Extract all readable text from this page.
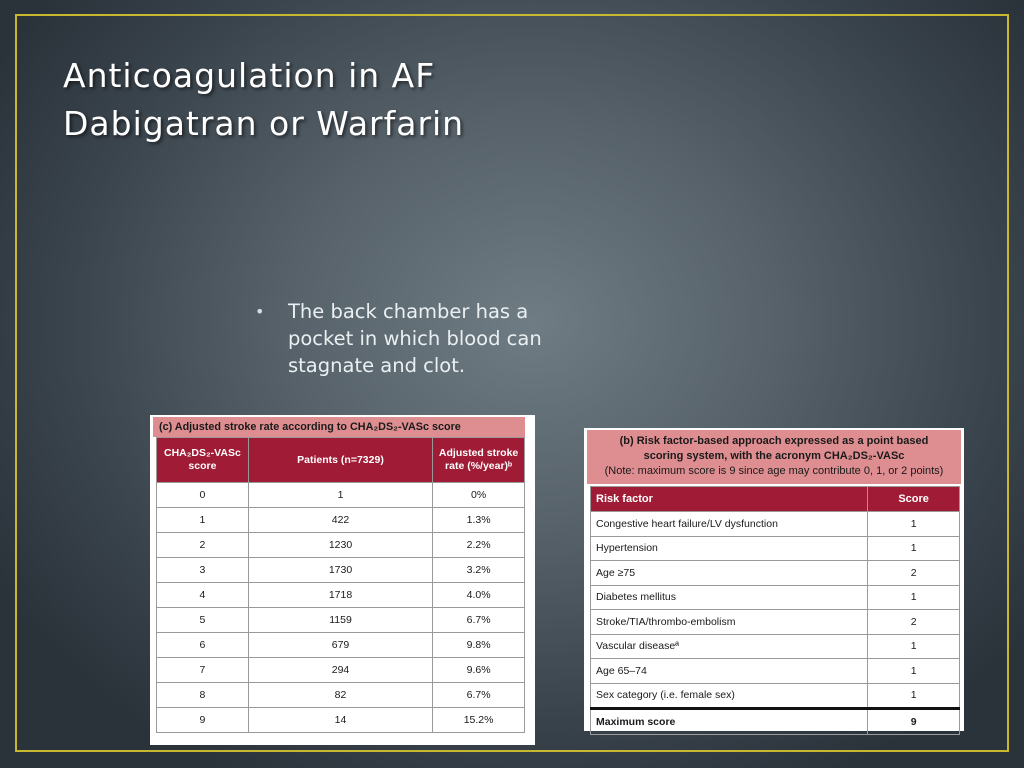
Anticoagulation in AF
Dabigatran or Warfarin
• The back chamber has a pocket in which blood can stagnate and clot.
(c) Adjusted stroke rate according to CHA₂DS₂-VASc score
CHA₂DS₂-VASc score	Patients (n=7329)	Adjusted stroke rate (%/year)ᵇ
0	1	0%
1	422	1.3%
2	1230	2.2%
3	1730	3.2%
4	1718	4.0%
5	1159	6.7%
6	679	9.8%
7	294	9.6%
8	82	6.7%
9	14	15.2%
(b) Risk factor-based approach expressed as a point based
scoring system, with the acronym CHA₂DS₂-VASc
(Note: maximum score is 9 since age may contribute 0, 1, or 2 points)
Risk factor	Score
Congestive heart failure/LV dysfunction	1
Hypertension	1
Age ≥75	2
Diabetes mellitus	1
Stroke/TIA/thrombo-embolism	2
Vascular diseaseª	1
Age 65–74	1
Sex category (i.e. female sex)	1
Maximum score	9
